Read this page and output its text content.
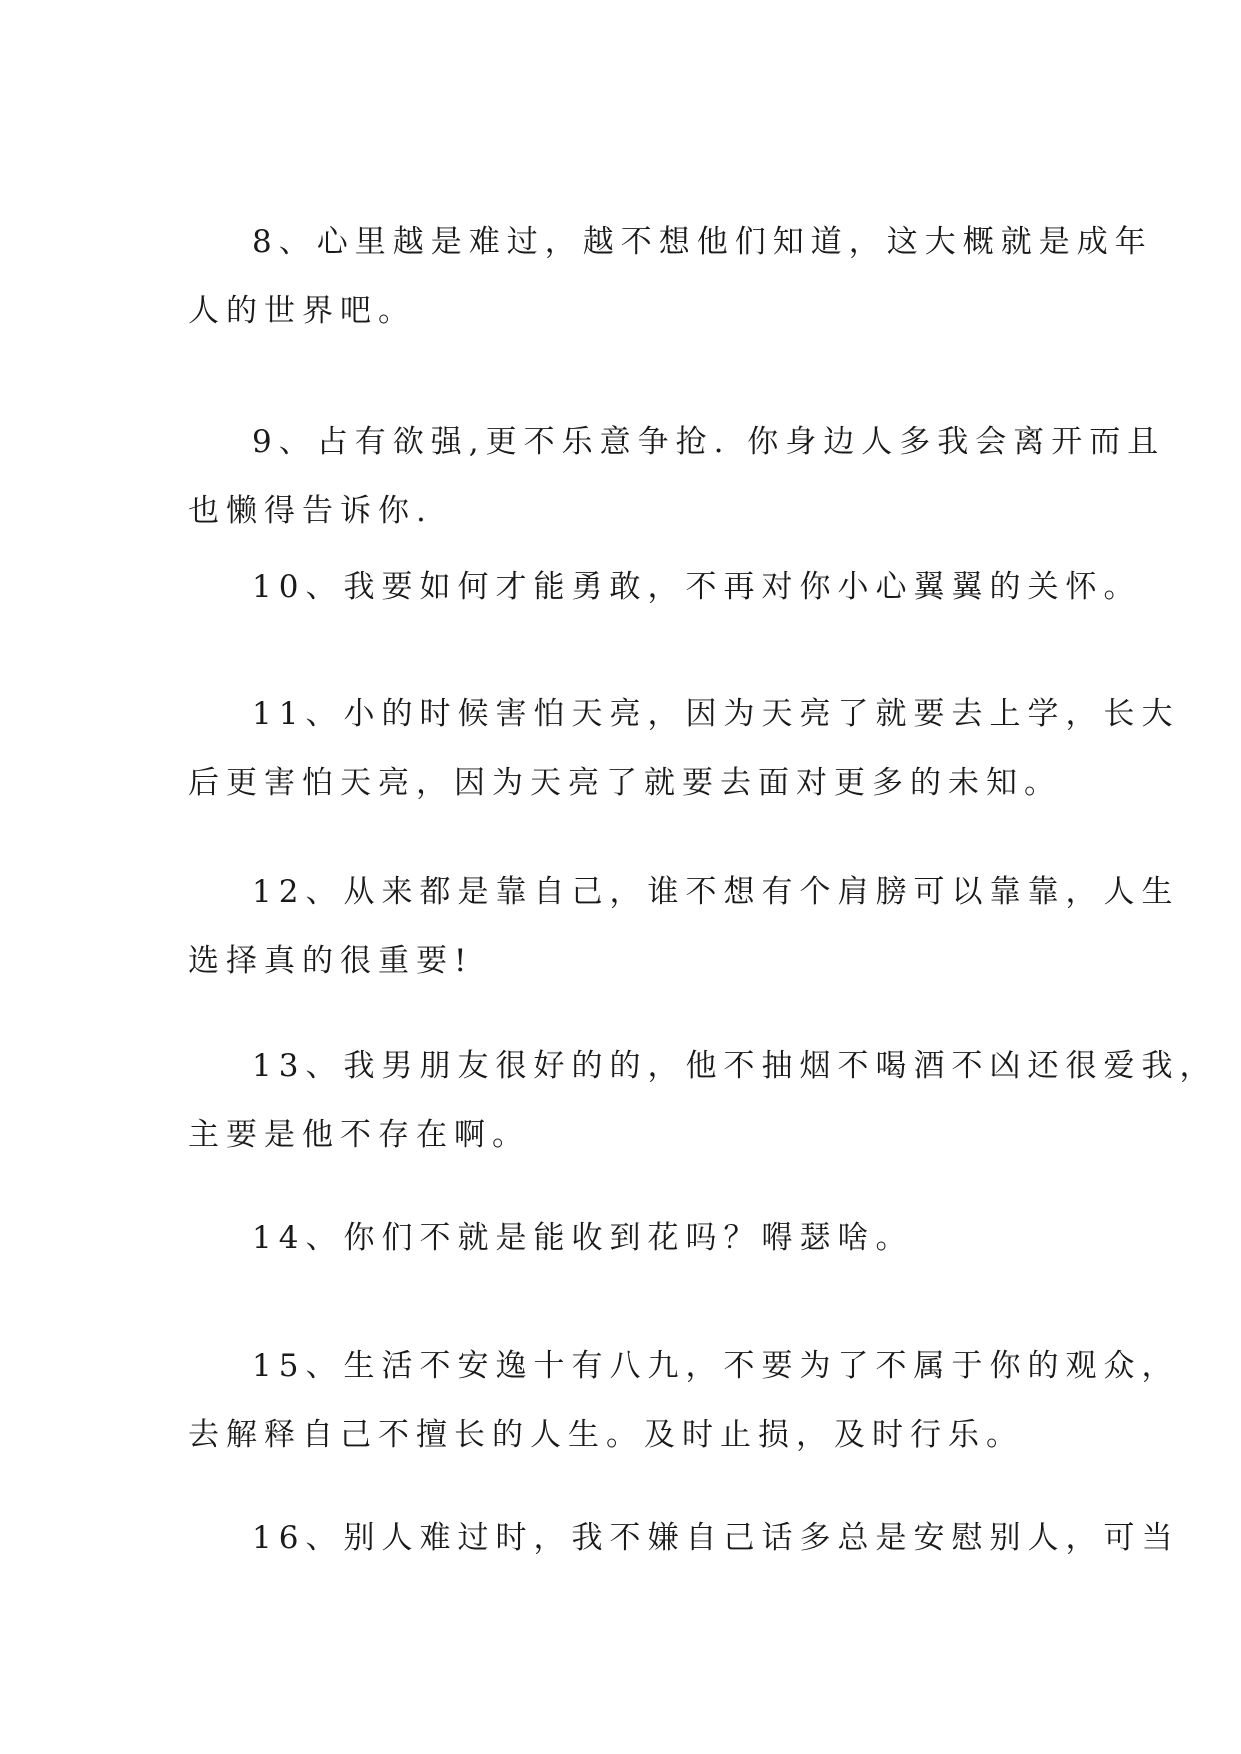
8、心里越是难过，越不想他们知道，这大概就是成年
人的世界吧。

9、占有欲强,更不乐意争抢. 你身边人多我会离开而且
也懒得告诉你.

10、我要如何才能勇敢，不再对你小心翼翼的关怀。

11、小的时候害怕天亮，因为天亮了就要去上学，长大
后更害怕天亮，因为天亮了就要去面对更多的未知。

12、从来都是靠自己，谁不想有个肩膀可以靠靠，人生
选择真的很重要!

13、我男朋友很好的的，他不抽烟不喝酒不凶还很爱我，
主要是他不存在啊。

14、你们不就是能收到花吗？嘚瑟啥。

15、生活不安逸十有八九，不要为了不属于你的观众，
去解释自己不擅长的人生。及时止损，及时行乐。

16、别人难过时，我不嫌自己话多总是安慰别人，可当
